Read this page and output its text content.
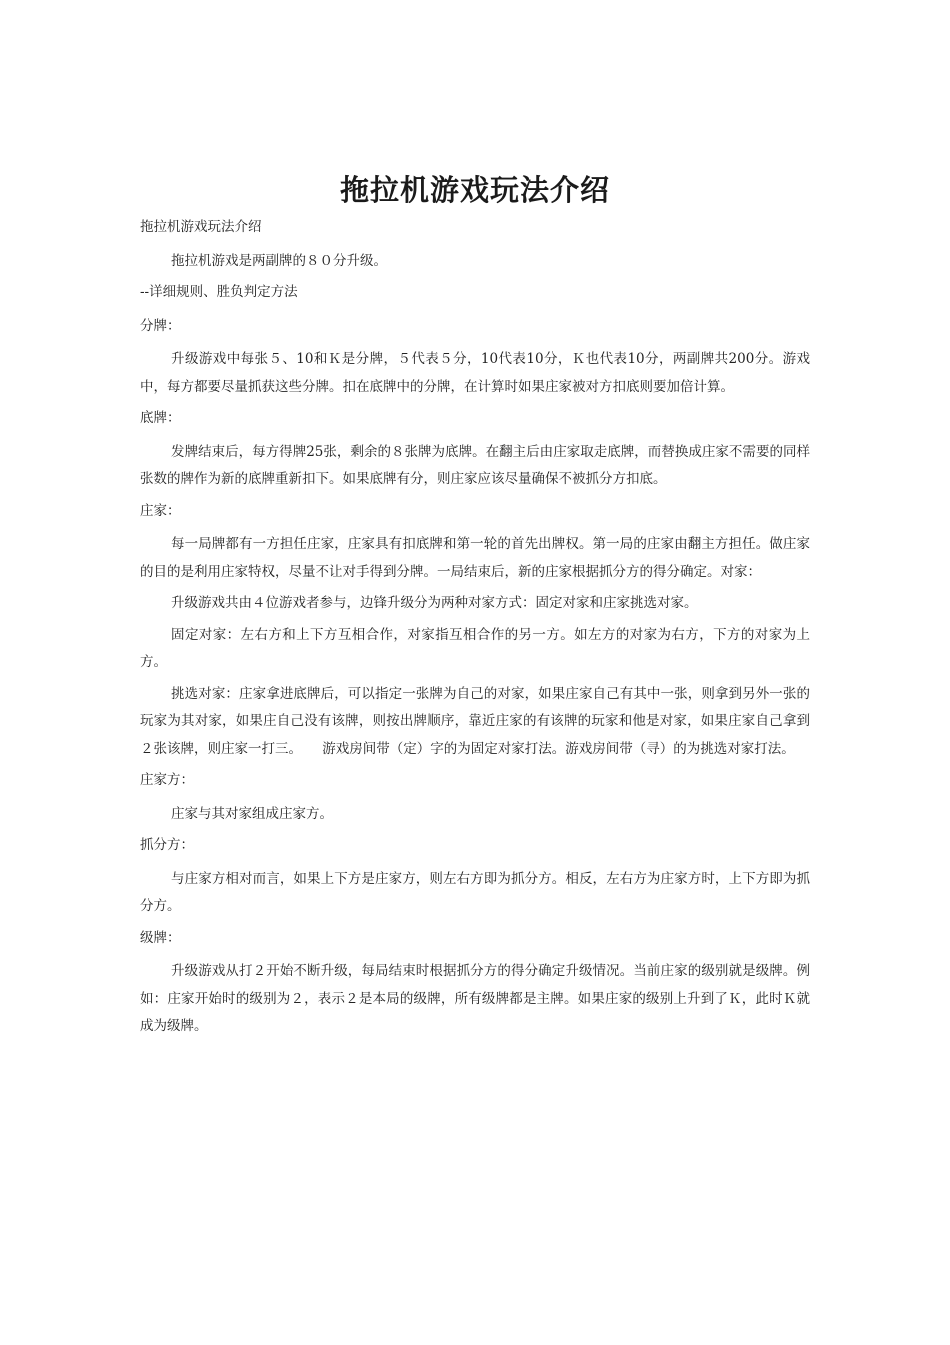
拖拉机游戏玩法介绍

拖拉机游戏玩法介绍

拖拉机游戏是两副牌的８０分升级。

--详细规则、胜负判定方法

分牌：

升级游戏中每张５、10和Ｋ是分牌，５代表５分，10代表10分，Ｋ也代表10分，两副牌共200分。游戏中，每方都要尽量抓获这些分牌。扣在底牌中的分牌，在计算时如果庄家被对方扣底则要加倍计算。

底牌：

发牌结束后，每方得牌25张，剩余的８张牌为底牌。在翻主后由庄家取走底牌，而替换成庄家不需要的同样张数的牌作为新的底牌重新扣下。如果底牌有分，则庄家应该尽量确保不被抓分方扣底。

庄家：

每一局牌都有一方担任庄家，庄家具有扣底牌和第一轮的首先出牌权。第一局的庄家由翻主方担任。做庄家的目的是利用庄家特权，尽量不让对手得到分牌。一局结束后，新的庄家根据抓分方的得分确定。对家：

升级游戏共由４位游戏者参与，边锋升级分为两种对家方式：固定对家和庄家挑选对家。

固定对家：左右方和上下方互相合作，对家指互相合作的另一方。如左方的对家为右方，下方的对家为上方。

挑选对家：庄家拿进底牌后，可以指定一张牌为自己的对家，如果庄家自己有其中一张，则拿到另外一张的玩家为其对家，如果庄自己没有该牌，则按出牌顺序，靠近庄家的有该牌的玩家和他是对家，如果庄家自己拿到２张该牌，则庄家一打三。　　游戏房间带（定）字的为固定对家打法。游戏房间带（寻）的为挑选对家打法。

庄家方：

庄家与其对家组成庄家方。

抓分方：

与庄家方相对而言，如果上下方是庄家方，则左右方即为抓分方。相反，左右方为庄家方时，上下方即为抓分方。

级牌：

升级游戏从打２开始不断升级，每局结束时根据抓分方的得分确定升级情况。当前庄家的级别就是级牌。例如：庄家开始时的级别为２，表示２是本局的级牌，所有级牌都是主牌。如果庄家的级别上升到了Ｋ，此时Ｋ就成为级牌。
